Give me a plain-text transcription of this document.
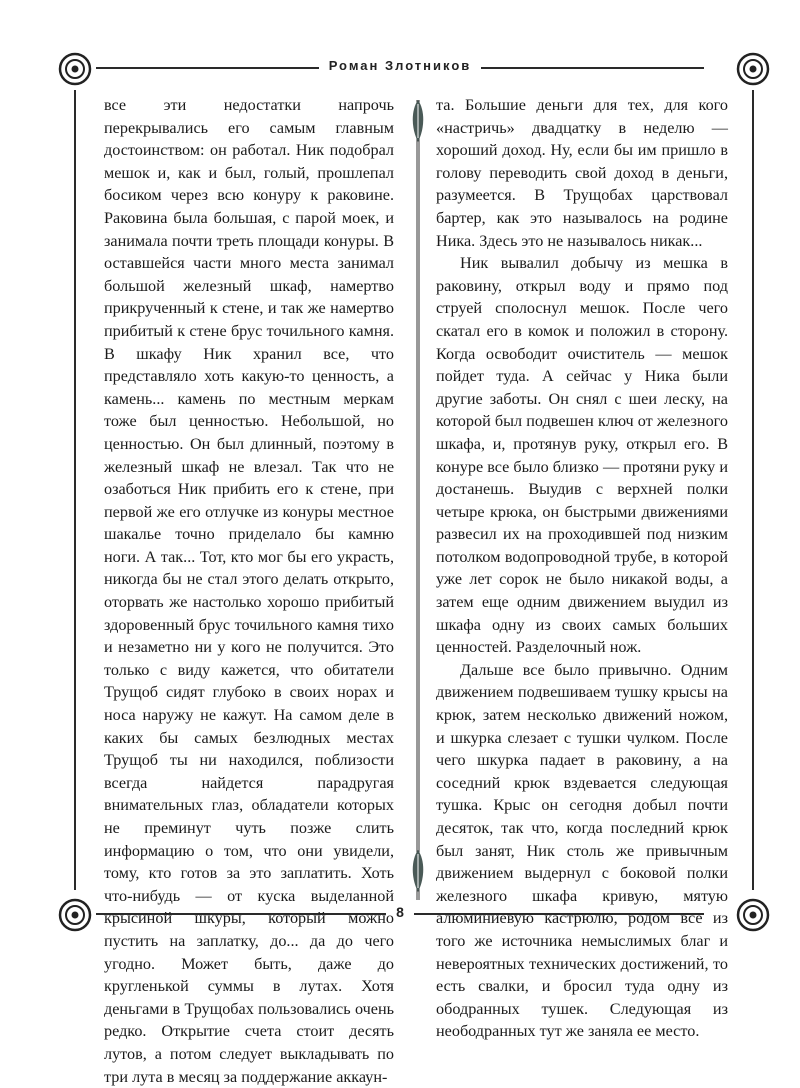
Роман Злотников
8

все эти недостатки напрочь перекрывались его самым главным достоинством: он работал. Ник подобрал мешок и, как и был, голый, прошлепал босиком через всю конуру к раковине. Раковина была большая, с парой моек, и занимала почти треть площади конуры. В оставшейся части много места занимал большой железный шкаф, намертво прикрученный к стене, и так же намертво прибитый к стене брус точильного камня. В шкафу Ник хранил все, что представляло хоть какую-то ценность, а камень... камень по местным меркам тоже был ценностью. Небольшой, но ценностью. Он был длинный, поэтому в железный шкаф не влезал. Так что не озаботься Ник прибить его к стене, при первой же его отлучке из конуры местное шакалье точно приделало бы камню ноги. А так... Тот, кто мог бы его украсть, никогда бы не стал этого делать открыто, оторвать же настолько хорошо прибитый здоровенный брус точильного камня тихо и незаметно ни у кого не получится. Это только с виду кажется, что обитатели Трущоб сидят глубоко в своих норах и носа наружу не кажут. На самом деле в каких бы самых безлюдных местах Трущоб ты ни находился, поблизости всегда найдется парадругая внимательных глаз, обладатели которых не преминут чуть позже слить информацию о том, что они увидели, тому, кто готов за это заплатить. Хоть что-нибудь — от куска выделанной крысиной шкуры, который можно пустить на заплатку, до... да до чего угодно. Может быть, даже до кругленькой суммы в лутах. Хотя деньгами в Трущобах пользовались очень редко. Открытие счета стоит десять лутов, а потом следует выкладывать по три лута в месяц за поддержание аккаун-

та. Большие деньги для тех, для кого «настричь» двадцатку в неделю — хороший доход. Ну, если бы им пришло в голову переводить свой доход в деньги, разумеется. В Трущобах царствовал бартер, как это называлось на родине Ника. Здесь это не называлось никак...

Ник вывалил добычу из мешка в раковину, открыл воду и прямо под струей сполоснул мешок. После чего скатал его в комок и положил в сторону. Когда освободит очиститель — мешок пойдет туда. А сейчас у Ника были другие заботы. Он снял с шеи леску, на которой был подвешен ключ от железного шкафа, и, протянув руку, открыл его. В конуре все было близко — протяни руку и достанешь. Выудив с верхней полки четыре крюка, он быстрыми движениями развесил их на проходившей под низким потолком водопроводной трубе, в которой уже лет сорок не было никакой воды, а затем еще одним движением выудил из шкафа одну из своих самых больших ценностей. Разделочный нож.

Дальше все было привычно. Одним движением подвешиваем тушку крысы на крюк, затем несколько движений ножом, и шкурка слезает с тушки чулком. После чего шкурка падает в раковину, а на соседний крюк вздевается следующая тушка. Крыс он сегодня добыл почти десяток, так что, когда последний крюк был занят, Ник столь же привычным движением выдернул с боковой полки железного шкафа кривую, мятую алюминиевую кастрюлю, родом все из того же источника немыслимых благ и невероятных технических достижений, то есть свалки, и бросил туда одну из ободранных тушек. Следующая из неободранных тут же заняла ее место.
